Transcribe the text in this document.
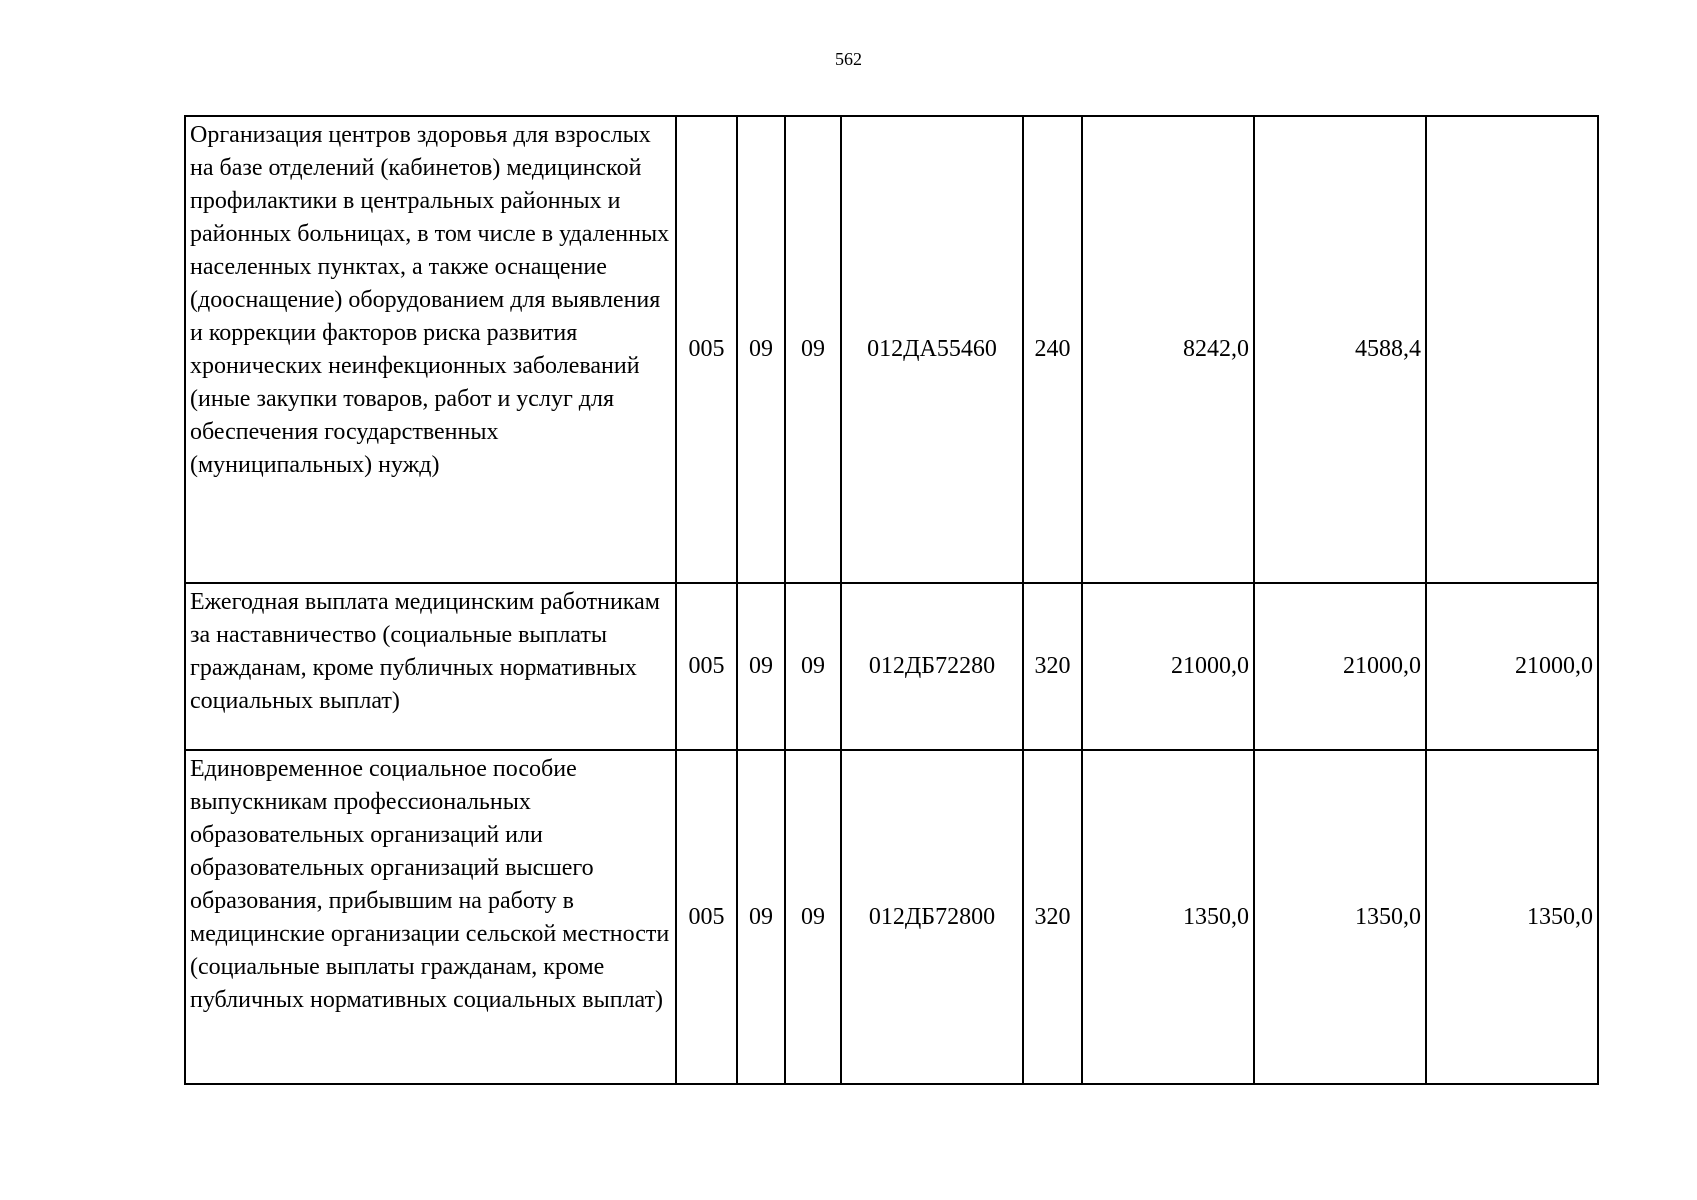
562
Организация центров здоровья для взрослых на базе отделений (кабинетов) медицинской профилактики в центральных районных и районных больницах, в том числе в удаленных населенных пунктах, а также оснащение (дооснащение) оборудованием для выявления и коррекции факторов риска развития хронических неинфекционных заболеваний (иные закупки товаров, работ и услуг для обеспечения государственных (муниципальных) нужд)	005	09	09	012ДА55460	240	8242,0	4588,4	
Ежегодная выплата медицинским работникам за наставничество (социальные выплаты гражданам, кроме публичных нормативных социальных выплат)	005	09	09	012ДБ72280	320	21000,0	21000,0	21000,0
Единовременное социальное пособие выпускникам профессиональных образовательных организаций или образовательных организаций высшего образования, прибывшим на работу в медицинские организации сельской местности (социальные выплаты гражданам, кроме публичных нормативных социальных выплат)	005	09	09	012ДБ72800	320	1350,0	1350,0	1350,0
